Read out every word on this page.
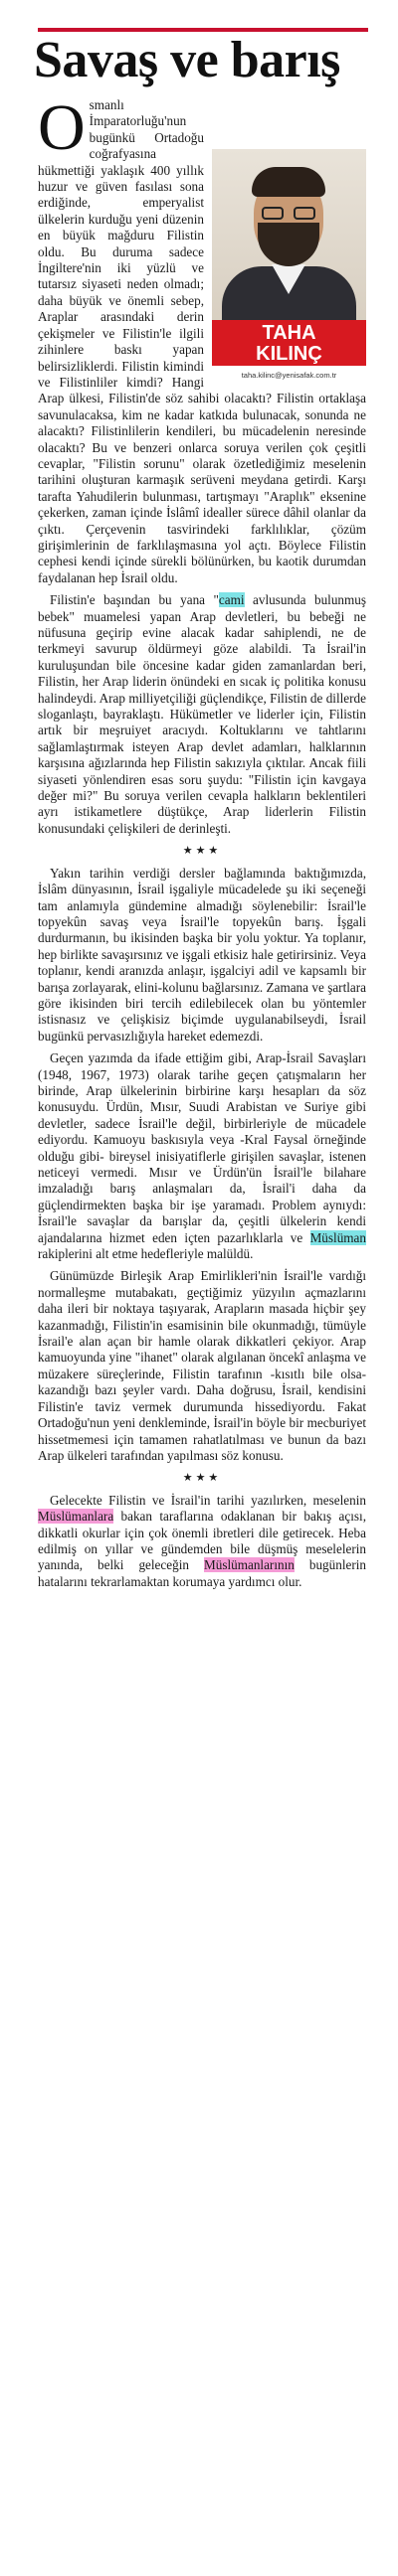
Savaş ve barış
TAHA
KILINÇ
taha.kilinc@yenisafak.com.tr
O smanlı İmparatorluğu'nun bugünkü Ortadoğu coğrafyasına hükmettiği yaklaşık 400 yıllık huzur ve güven fasılası sona erdiğinde, emperyalist ülkelerin kurduğu yeni düzenin en büyük mağduru Filistin oldu. Bu duruma sadece İngiltere'nin iki yüzlü ve tutarsız siyaseti neden olmadı; daha büyük ve önemli sebep, Araplar arasındaki derin çekişmeler ve Filistin'le ilgili zihinlere baskı yapan belirsizliklerdi. Filistin kimindi ve Filistinliler kimdi? Hangi Arap ülkesi, Filistin'de söz sahibi olacaktı? Filistin ortaklaşa savunulacaksa, kim ne kadar katkıda bulunacak, sonunda ne alacaktı? Filistinlilerin kendileri, bu mücadelenin neresinde olacaktı? Bu ve benzeri onlarca soruya verilen çok çeşitli cevaplar, "Filistin sorunu" olarak özetlediğimiz meselenin tarihini oluşturan karmaşık serüveni meydana getirdi. Karşı tarafta Yahudilerin bulunması, tartışmayı "Araplık" eksenine çekerken, zaman içinde İslâmî idealler sürece dâhil olanlar da çıktı. Çerçevenin tasvirindeki farklılıklar, çözüm girişimlerinin de farklılaşmasına yol açtı. Böylece Filistin cephesi kendi içinde sürekli bölünürken, bu kaotik durumdan faydalanan hep İsrail oldu.

Filistin'e başından bu yana "cami avlusunda bulunmuş bebek" muamelesi yapan Arap devletleri, bu bebeği ne nüfusuna geçirip evine alacak kadar sahiplendi, ne de terkmeyi savurup öldürmeyi göze alabildi. Ta İsrail'in kuruluşundan bile öncesine kadar giden zamanlardan beri, Filistin, her Arap liderin önündeki en sıcak iç politika konusu halindeydi. Arap milliyetçiliği güçlendikçe, Filistin de dillerde sloganlaştı, bayraklaştı. Hükümetler ve liderler için, Filistin artık bir meşruiyet aracıydı. Koltuklarını ve tahtlarını sağlamlaştırmak isteyen Arap devlet adamları, halklarının karşısına ağızlarında hep Filistin sakızıyla çıktılar. Ancak fiili siyaseti yönlendiren esas soru şuydu: "Filistin için kavgaya değer mi?" Bu soruya verilen cevapla halkların beklentileri ayrı istikametlere düştükçe, Arap liderlerin Filistin konusundaki çelişkileri de derinleşti.

★★★

Yakın tarihin verdiği dersler bağlamında baktığımızda, İslâm dünyasının, İsrail işgaliyle mücadelede şu iki seçeneği tam anlamıyla gündemine almadığı söylenebilir: İsrail'le topyekûn savaş veya İsrail'le topyekûn barış. İşgali durdurmanın, bu ikisinden başka bir yolu yoktur. Ya toplanır, hep birlikte savaşırsınız ve işgali etkisiz hale getirirsiniz. Veya toplanır, kendi aranızda anlaşır, işgalciyi adil ve kapsamlı bir barışa zorlayarak, elini-kolunu bağlarsınız. Zamana ve şartlara göre ikisinden biri tercih edilebilecek olan bu yöntemler istisnasız ve çelişkisiz biçimde uygulanabilseydi, İsrail bugünkü pervasızlığıyla hareket edemezdi.

Geçen yazımda da ifade ettiğim gibi, Arap-İsrail Savaşları (1948, 1967, 1973) olarak tarihe geçen çatışmaların her birinde, Arap ülkelerinin birbirine karşı hesapları da söz konusuydu. Ürdün, Mısır, Suudi Arabistan ve Suriye gibi devletler, sadece İsrail'le değil, birbirleriyle de mücadele ediyordu. Kamuoyu baskısıyla veya -Kral Faysal örneğinde olduğu gibi- bireysel inisiyatiflerle girişilen savaşlar, istenen neticeyi vermedi. Mısır ve Ürdün'ün İsrail'le bilahare imzaladığı barış anlaşmaları da, İsrail'i daha da güçlendirmekten başka bir işe yaramadı. Problem aynıydı: İsrail'le savaşlar da barışlar da, çeşitli ülkelerin kendi ajandalarına hizmet eden içten pazarlıklarla ve Müslüman rakiplerini alt etme hedefleriyle malüldü.

Günümüzde Birleşik Arap Emirlikleri'nin İsrail'le vardığı normalleşme mutabakatı, geçtiğimiz yüzyılın açmazlarını daha ileri bir noktaya taşıyarak, Arapların masada hiçbir şey kazanmadığı, Filistin'in esamisinin bile okunmadığı, tümüyle İsrail'e alan açan bir hamle olarak dikkatleri çekiyor. Arap kamuoyunda yine "ihanet" olarak algılanan öncekî anlaşma ve müzakere süreçlerinde, Filistin tarafının -kısıtlı bile olsa- kazandığı bazı şeyler vardı. Daha doğrusu, İsrail, kendisini Filistin'e taviz vermek durumunda hissediyordu. Fakat Ortadoğu'nun yeni denkleminde, İsrail'in böyle bir mecburiyet hissetmemesi için tamamen rahatlatılması ve bunun da bazı Arap ülkeleri tarafından yapılması söz konusu.

★★★

Gelecekte Filistin ve İsrail'in tarihi yazılırken, meselenin Müslümanlara bakan taraflarına odaklanan bir bakış açısı, dikkatli okurlar için çok önemli ibretleri dile getirecek. Heba edilmiş on yıllar ve gündemden bile düşmüş meselelerin yanında, belki geleceğin Müslümanlarının bugünlerin hatalarını tekrarlamaktan korumaya yardımcı olur.
